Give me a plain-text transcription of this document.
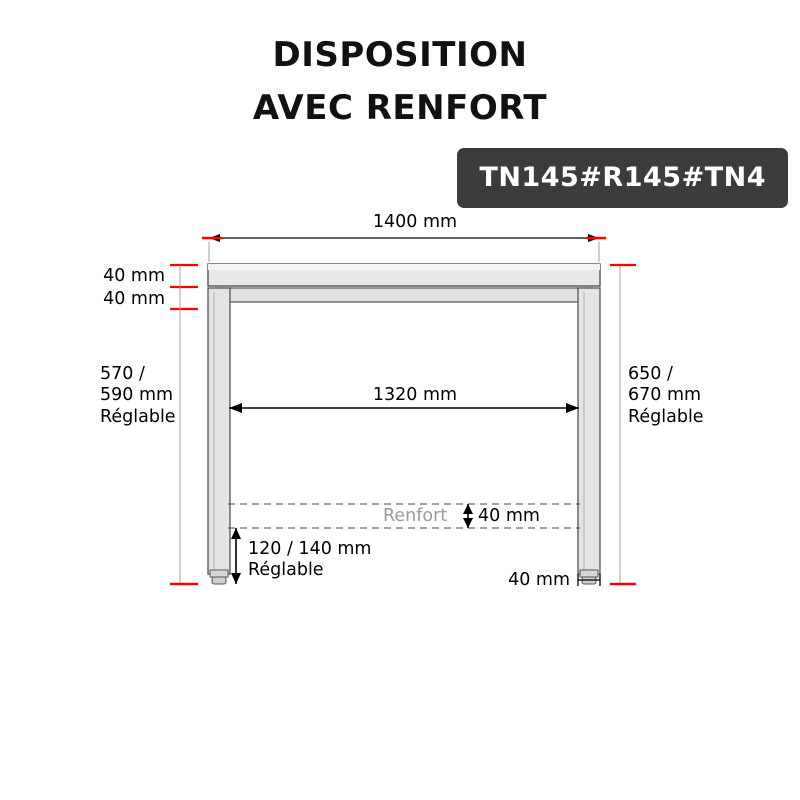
DISPOSITION
AVEC RENFORT
TN145#R145#TN4
1400 mm
40 mm
40 mm
570 /
590 mm
Réglable
1320 mm
650 /
670 mm
Réglable
Renfort 40 mm
120 / 140 mm
Réglable	40 mm
